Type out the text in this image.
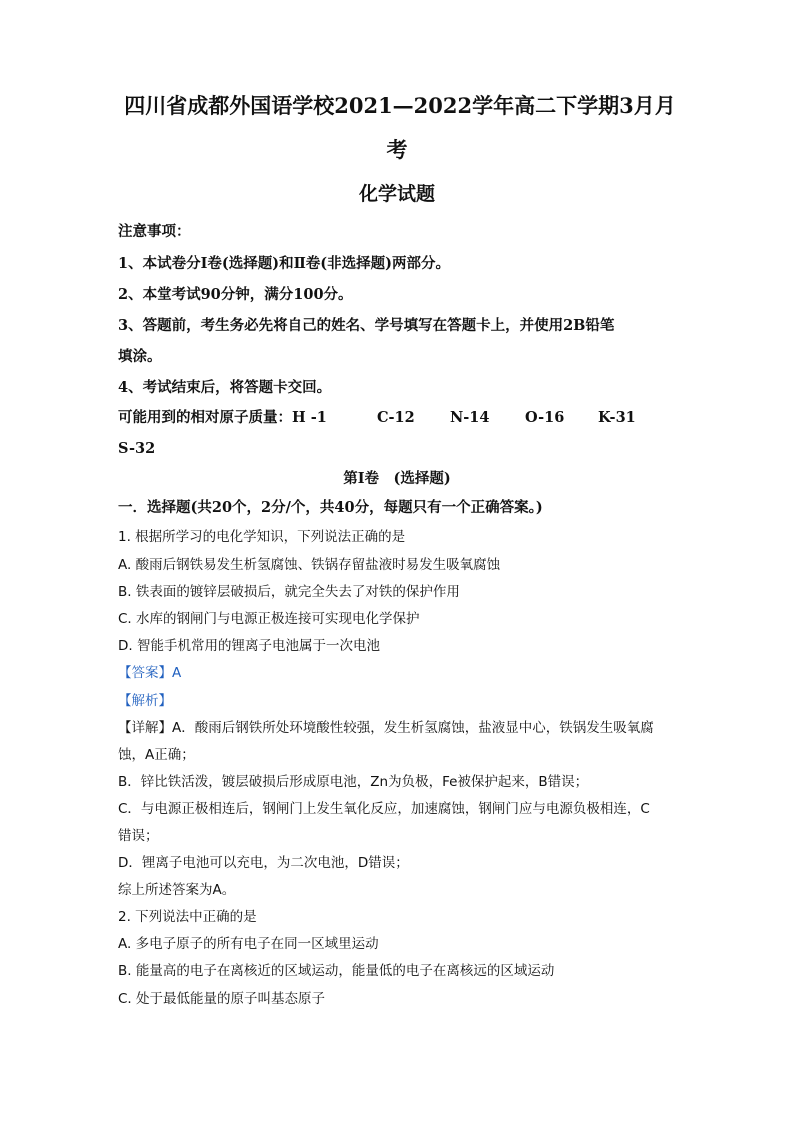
四川省成都外国语学校2021—2022学年高二下学期3月月
考
化学试题
注意事项：
1、本试卷分Ⅰ卷(选择题)和Ⅱ卷(非选择题)两部分。
2、本堂考试90分钟，满分100分。
3、答题前，考生务必先将自己的姓名、学号填写在答题卡上，并使用2B铅笔
填涂。
4、考试结束后，将答题卡交回。
可能用到的相对原子质量：H -1	C-12 N-14 O-16 K-31
S-32
第Ⅰ卷　(选择题)
一．选择题(共20个，2分/个，共40分，每题只有一个正确答案。)
1. 根据所学习的电化学知识，下列说法正确的是
A. 酸雨后钢铁易发生析氢腐蚀、铁锅存留盐液时易发生吸氧腐蚀
B. 铁表面的镀锌层破损后，就完全失去了对铁的保护作用
C. 水库的钢闸门与电源正极连接可实现电化学保护
D. 智能手机常用的锂离子电池属于一次电池
【答案】A
【解析】
【详解】A．酸雨后钢铁所处环境酸性较强，发生析氢腐蚀，盐液显中心，铁锅发生吸氧腐
蚀，A正确；
B．锌比铁活泼，镀层破损后形成原电池，Zn为负极，Fe被保护起来，B错误；
C．与电源正极相连后，钢闸门上发生氧化反应，加速腐蚀，钢闸门应与电源负极相连，C
错误；
D．锂离子电池可以充电，为二次电池，D错误；
综上所述答案为A。
2. 下列说法中正确的是
A. 多电子原子的所有电子在同一区域里运动
B. 能量高的电子在离核近的区域运动，能量低的电子在离核远的区域运动
C. 处于最低能量的原子叫基态原子
